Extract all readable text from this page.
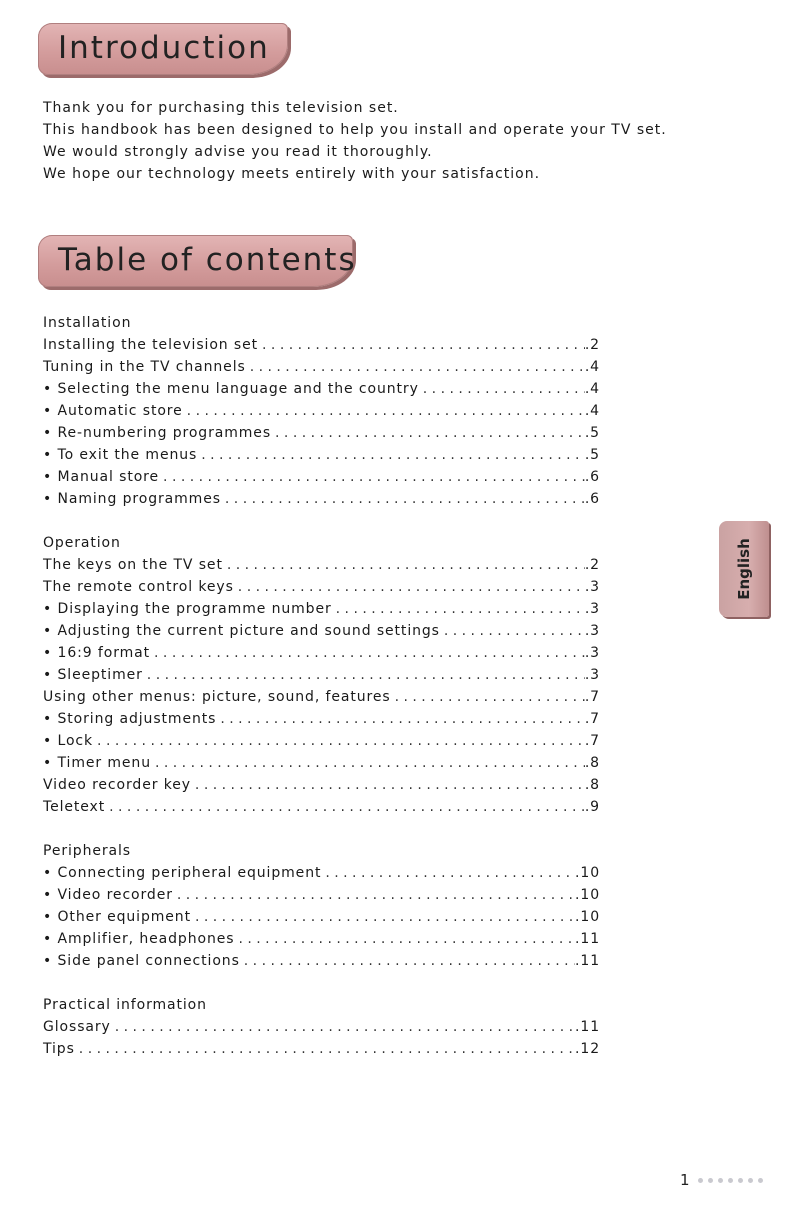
Introduction

Thank you for purchasing this television set.

This handbook has been designed to help you install and operate your TV set.

We would strongly advise you read it thoroughly.

We hope our technology meets entirely with your satisfaction.

Table of contents
Installation
Installing the television set . . .	.2
Tuning in the TV channels . . .	.4
• Selecting the menu language and the country . . .	.4
• Automatic store . . .	.4
• Re-numbering programmes . . .	.5
• To exit the menus . . .	.5
• Manual store . . .	.6
• Naming programmes . . .	.6
Operation
The keys on the TV set . . .	.2
The remote control keys . . .	.3
• Displaying the programme number . . .	.3
• Adjusting the current picture and sound settings . . .	.3
• 16:9 format . . .	.3
• Sleeptimer . . .	.3
Using other menus: picture, sound, features . . .	.7
• Storing adjustments . . .	.7
• Lock . . .	.7
• Timer menu . . .	.8
Video recorder key . . .	.8
Teletext . . .	.9
Peripherals
• Connecting peripheral equipment . . .	.10
• Video recorder . . .	.10
• Other equipment . . .	.10
• Amplifier, headphones . . .	.11
• Side panel connections . . .	.11
Practical information
Glossary . . .	.11
Tips . . .	.12
English
1
